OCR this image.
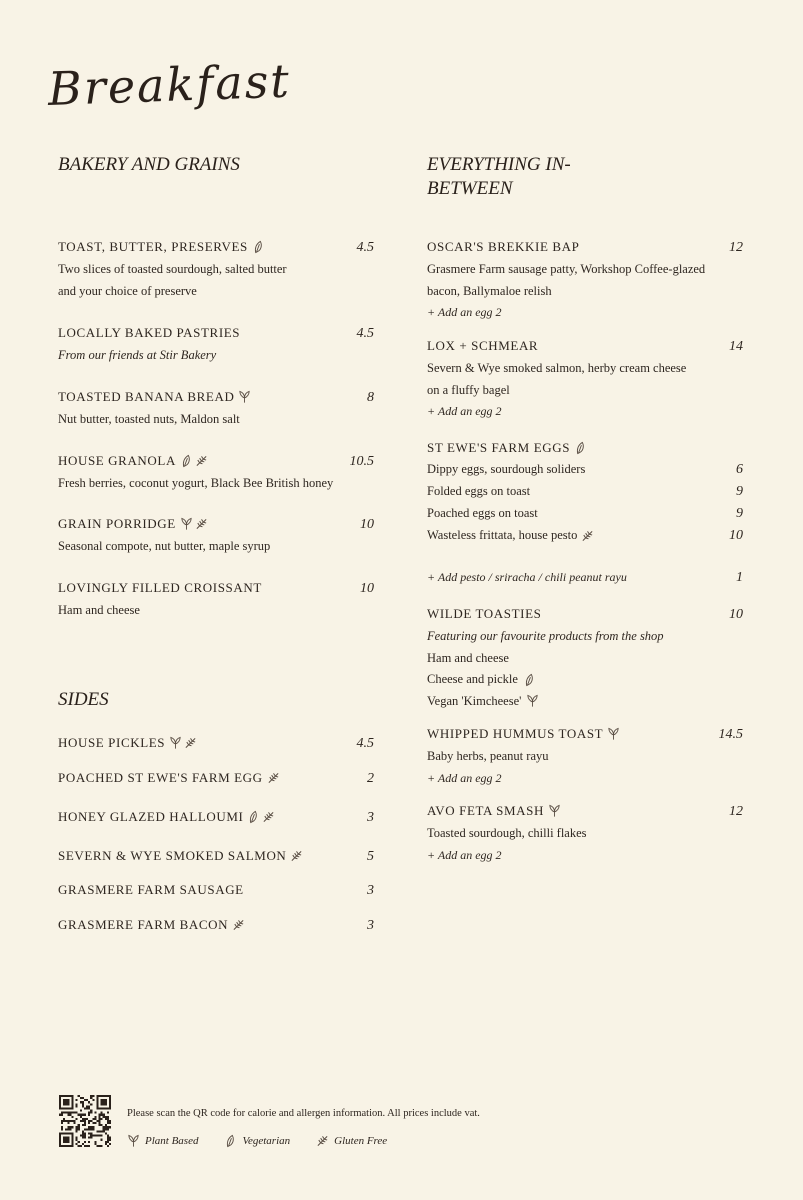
Breakfast
BAKERY AND GRAINS
TOAST, BUTTER, PRESERVES	4.5
Two slices of toasted sourdough, salted butter
and your choice of preserve
LOCALLY BAKED PASTRIES	4.5
From our friends at Stir Bakery
TOASTED BANANA BREAD	8
Nut butter, toasted nuts, Maldon salt
HOUSE GRANOLA	10.5
Fresh berries, coconut yogurt, Black Bee British honey
GRAIN PORRIDGE	10
Seasonal compote, nut butter, maple syrup
LOVINGLY FILLED CROISSANT	10
Ham and cheese
SIDES
HOUSE PICKLES	4.5
POACHED ST EWE'S FARM EGG	2
HONEY GLAZED HALLOUMI	3
SEVERN & WYE SMOKED SALMON	5
GRASMERE FARM SAUSAGE	3
GRASMERE FARM BACON	3
EVERYTHING IN-BETWEEN
OSCAR'S BREKKIE BAP	12
Grasmere Farm sausage patty, Workshop Coffee-glazed
bacon, Ballymaloe relish
+ Add an egg 2
LOX + SCHMEAR	14
Severn & Wye smoked salmon, herby cream cheese
on a fluffy bagel
+ Add an egg 2
ST EWE'S FARM EGGS
Dippy eggs, sourdough soliders	6
Folded eggs on toast	9
Poached eggs on toast	9
Wasteless frittata, house pesto	10
+ Add pesto / sriracha / chili peanut rayu	1
WILDE TOASTIES	10
Featuring our favourite products from the shop
Ham and cheese
Cheese and pickle
Vegan 'Kimcheese'
WHIPPED HUMMUS TOAST	14.5
Baby herbs, peanut rayu
+ Add an egg 2
AVO FETA SMASH	12
Toasted sourdough, chilli flakes
+ Add an egg 2
Please scan the QR code for calorie and allergen information. All prices include vat.
Plant Based	Vegetarian	Gluten Free
